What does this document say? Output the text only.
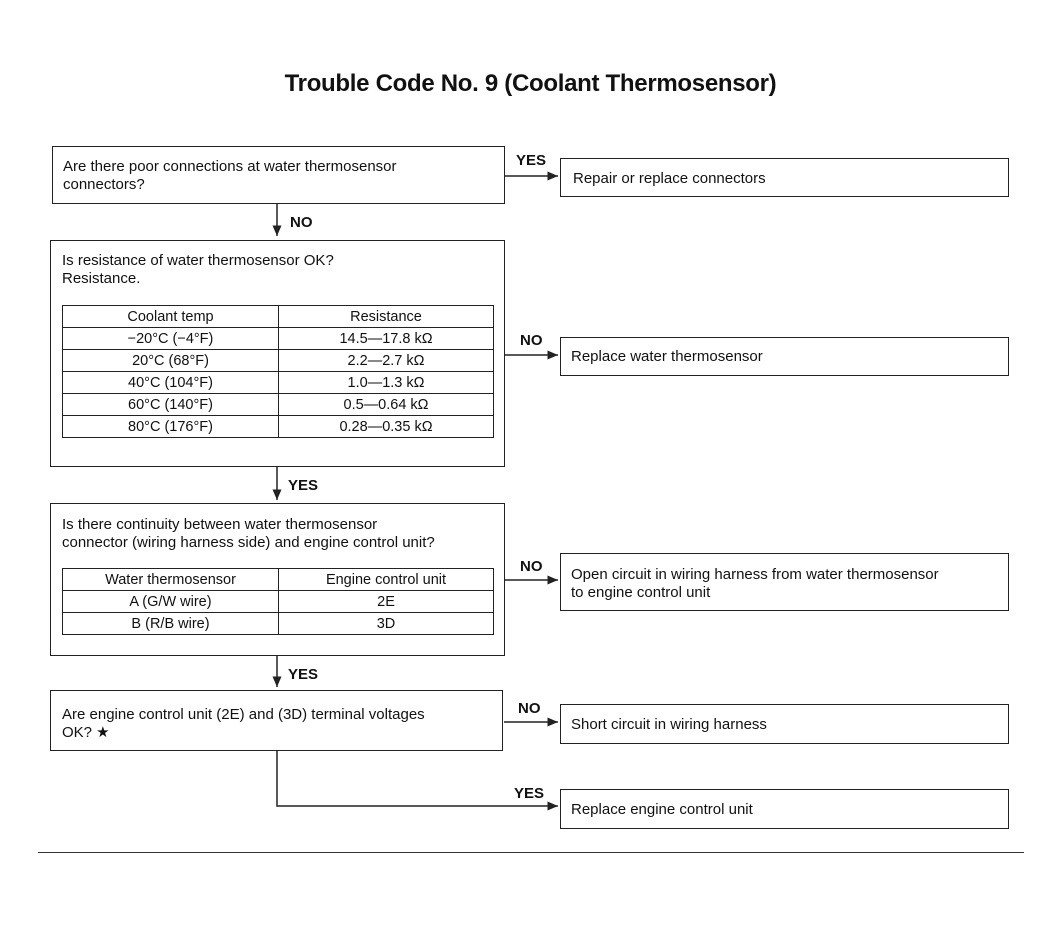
Trouble Code No. 9 (Coolant Thermosensor)
Are there poor connections at water thermosensor
connectors?
YES
Repair or replace connectors
NO
Is resistance of water thermosensor OK?
Resistance.
Coolant temp	Resistance
−20°C (−4°F)	14.5—17.8 kΩ
20°C (68°F)	2.2—2.7 kΩ
40°C (104°F)	1.0—1.3 kΩ
60°C (140°F)	0.5—0.64 kΩ
80°C (176°F)	0.28—0.35 kΩ
NO
Replace water thermosensor
YES
Is there continuity between water thermosensor
connector (wiring harness side) and engine control unit?
Water thermosensor	Engine control unit
A (G/W wire)	2E
B (R/B wire)	3D
NO Open circuit in wiring harness from water thermosensor
to engine control unit
YES
Are engine control unit (2E) and (3D) terminal voltages
OK? ★
NO
Short circuit in wiring harness
YES
Replace engine control unit
